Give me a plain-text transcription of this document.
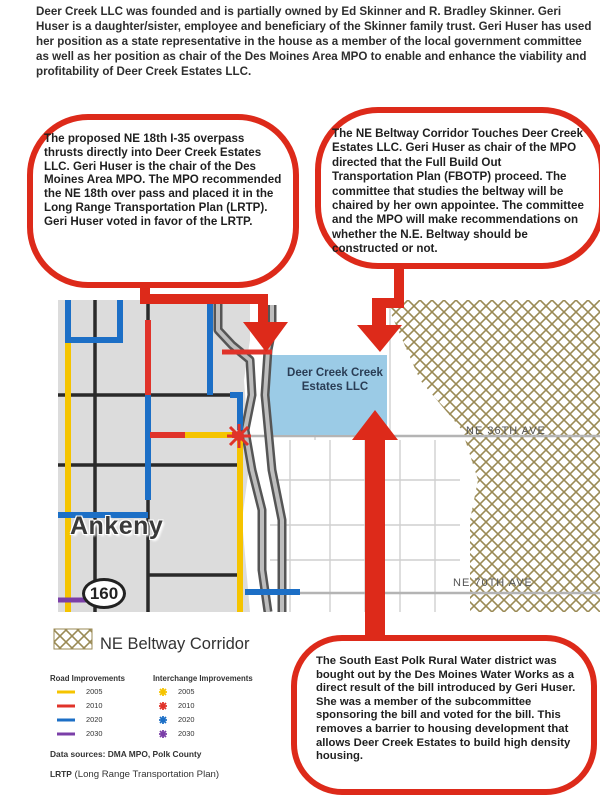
Deer Creek LLC was founded and is partially owned by Ed Skinner and R. Bradley Skinner. Geri Huser is a daughter/sister, employee and beneficiary of the Skinner family trust. Geri Huser has used her position as a state representative in the house as a member of the local government committee as well as her position as chair of the Des Moines Area MPO to enable and enhance the viability and profitability of Deer Creek Estates LLC.

The proposed NE 18th I-35 overpass thrusts directly into Deer Creek Estates LLC. Geri Huser is the chair of the Des Moines Area MPO. The MPO recommended the NE 18th over pass and placed it in the Long Range Transportation Plan (LRTP). Geri Huser voted in favor of the LRTP.

The NE Beltway Corridor Touches Deer Creek Estates LLC. Geri Huser as chair of the MPO directed that the Full Build Out Transportation Plan (FBOTP) proceed. The committee that studies the beltway will be chaired by her own appointee. The committee and the MPO will make recommendations on whether the N.E. Beltway should be constructed or not.

The South East Polk Rural Water district was bought out by the Des Moines Water Works as a direct result of the bill introduced by Geri Huser. She was a member of the subcommittee sponsoring the bill and voted for the bill. This removes a barrier to housing development that allows Deer Creek Estates to build high density housing.

Deer Creek Creek Estates LLC

Ankeny

NE 36TH AVE

NE 70TH AVE

160

NE Beltway Corridor

Road Improvements	Interchange Improvements

2005

2010

2020

2030

2005

2010

2020

2030

Data sources: DMA MPO, Polk County

LRTP (Long Range Transportation Plan)
